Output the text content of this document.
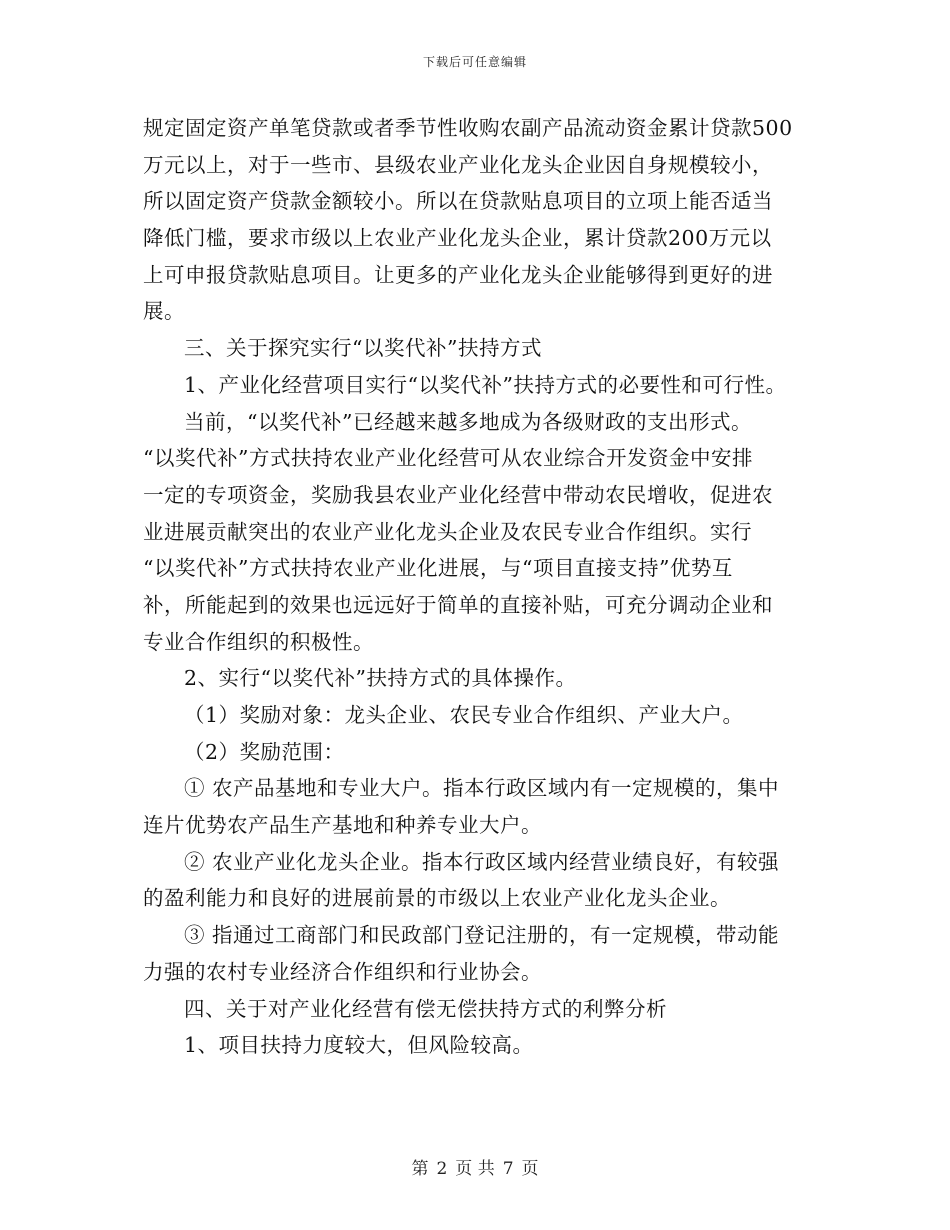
下载后可任意编辑
规定固定资产单笔贷款或者季节性收购农副产品流动资金累计贷款500
万元以上，对于一些市、县级农业产业化龙头企业因自身规模较小，
所以固定资产贷款金额较小。所以在贷款贴息项目的立项上能否适当
降低门槛，要求市级以上农业产业化龙头企业，累计贷款200万元以
上可申报贷款贴息项目。让更多的产业化龙头企业能够得到更好的进
展。
三、关于探究实行“以奖代补”扶持方式
1、产业化经营项目实行“以奖代补”扶持方式的必要性和可行性。
当前，“以奖代补”已经越来越多地成为各级财政的支出形式。
“以奖代补”方式扶持农业产业化经营可从农业综合开发资金中安排
一定的专项资金，奖励我县农业产业化经营中带动农民增收，促进农
业进展贡献突出的农业产业化龙头企业及农民专业合作组织。实行
“以奖代补”方式扶持农业产业化进展，与“项目直接支持”优势互
补，所能起到的效果也远远好于简单的直接补贴，可充分调动企业和
专业合作组织的积极性。
2、实行“以奖代补”扶持方式的具体操作。
（1）奖励对象：龙头企业、农民专业合作组织、产业大户。
（2）奖励范围：
① 农产品基地和专业大户。指本行政区域内有一定规模的，集中
连片优势农产品生产基地和种养专业大户。
② 农业产业化龙头企业。指本行政区域内经营业绩良好，有较强
的盈利能力和良好的进展前景的市级以上农业产业化龙头企业。
③ 指通过工商部门和民政部门登记注册的，有一定规模，带动能
力强的农村专业经济合作组织和行业协会。
四、关于对产业化经营有偿无偿扶持方式的利弊分析
1、项目扶持力度较大，但风险较高。
第 2 页 共 7 页
